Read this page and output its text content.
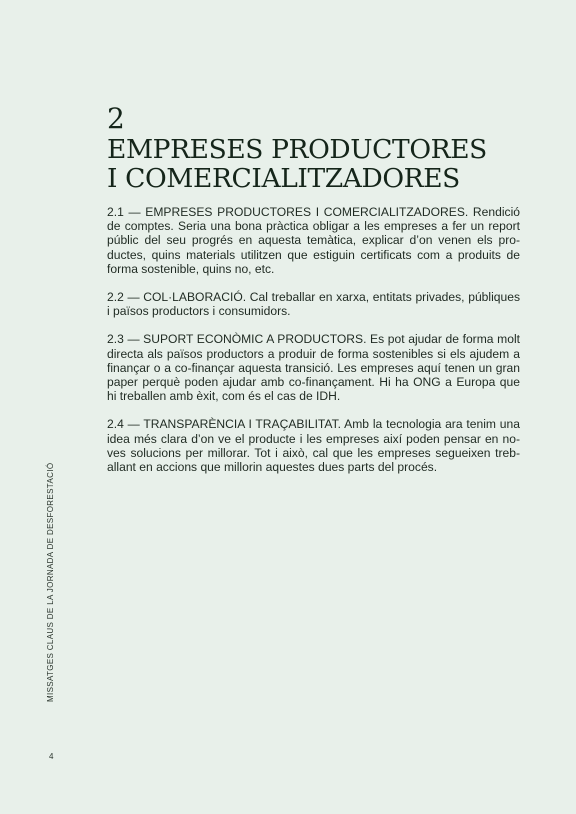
2
EMPRESES PRODUCTORES
I COMERCIALITZADORES

2.1 — EMPRESES PRODUCTORES I COMERCIALITZADORES. Rendició de comptes. Seria una bona pràctica obligar a les empreses a fer un report públic del seu progrés en aquesta temàtica, explicar d’on venen els productes, quins materials utilitzen que estiguin certificats com a produits de forma sostenible, quins no, etc.

2.2 — COL·LABORACIÓ. Cal treballar en xarxa, entitats privades, públiques i països productors i consumidors.

2.3 — SUPORT ECONÒMIC A PRODUCTORS. Es pot ajudar de forma molt directa als països productors a produir de forma sostenibles si els ajudem a finançar o a co-finançar aquesta transició. Les empreses aquí tenen un gran paper perquè poden ajudar amb co-finançament. Hi ha ONG a Europa que hi treballen amb èxit, com és el cas de IDH.

2.4 — TRANSPARÈNCIA I TRAÇABILITAT. Amb la tecnologia ara tenim una idea més clara d’on ve el producte i les empreses així poden pensar en noves solucions per millorar. Tot i això, cal que les empreses segueixen treballant en accions que millorin aquestes dues parts del procés.

MISSATGES CLAUS DE LA JORNADA DE DESFORESTACIÓ
4
